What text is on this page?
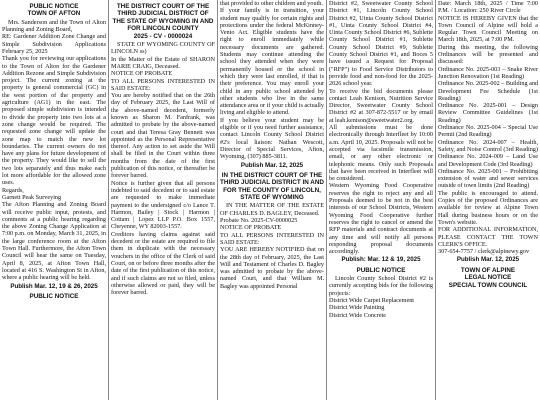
PUBLIC NOTICE
TOWN OF AFTON
Mrs. Sanderson and the Town of Alton Planning and Zoning Board,
RE: Gardener Addition Zone Change and Simple Subdivision Applications February 25, 2025
Thank you for reviewing our applications to the Town of Alton for the Gardener Addition Rezone and Simple Subdivision project. The current zoning at the property is general commercial (GC) in the west portion of the property and agriculture (AG1) in the east. The proposed simple subdivision is intended to divide the property into two lots at a zone change would be required. The requested zone change will update the zone map to match the new lot boundaries. The current owners do not have any plans for future development of the property. They would like to sell the two lots separately and thus make each lot more affordable for the allowed zone uses.
Regards,
Garnett Peak Surveying
The Afton Planning and Zoning Board will receive public input, protests, and comments at a public hearing regarding the above Zoning Change Application at 7:00 p.m. on Monday, March 31, 2025, in the large conference room at the Afton Town Hall. Furthermore, the Afton Town Council will hear the same on Tuesday, April 8, 2025, at Afton Town Hall, located at 416 S. Washington St in Afton, where a public hearing will be held.
Publish Mar. 12, 19 & 26, 2025
PUBLIC NOTICE
THE DISTRICT COURT OF THE THIRD JUDICIAL DISTRICT OF THE STATE OF WYOMING IN AND FOR LINCOLN COUNTY
2025 - CV - 0000024
STATE OF WYOMING COUNTY OF LINCOLN ss)
In the Matter of the Estate of SHARON MARIE CRAIG, Deceased.
NOTICE OF PROBATE
TO ALL PERSONS INTERESTED IN SAID ESTATE:
You are hereby notified that on the 26th day of February 2025, the Last Will of the above-named decedent, formerly known as Sharon M. Fanfrank, was admitted to probate by the above-named court and that Teresa Gray Bennett was appointed as the Personal Representative thereof. Any action to set aside the Will shall be filed in the Court within three months from the date of the first publication of this notice, or thereafter be forever barred.
Notice is further given that all persons indebted to said decedent or to said estate are requested to make immediate payment to the undersigned c/o Lance T. Harmon, Bailey | Stock | Harmon | Cottam | Lopez LLP P.O. Box 1557, Cheyenne, WY 82003-1557.
Creditors having claims against said decedent or the estate are required to file them in duplicate with the necessary vouchers in the office of the Clerk of said Court, on or before three months after the date of the first publication of this notice, and if such claims are not so filed, unless otherwise allowed or paid, they will be forever barred.
that provided to other children and youth.
If your family is in transition, your student may qualify for certain rights and protections under the federal McKinney-Vento Act. Eligible students have the right to enroll immediately while necessary documents are gathered. Students may continue attending the school they attended when they were permanently housed or the school in which they were last enrolled, if that is their preference. You may enroll your child in any public school attended by other students who live in the same attendance area or if your child is actually living and eligible to attend.
If you believe your student may be eligible or if you need further assistance, contact Lincoln County School District #2's local liaison: Nathan Wescott, Director of Special Services, Afton, Wyoming, (307) 885-3811.
Publish Mar. 12, 2025
IN THE DISTRICT COURT OF THE THIRD JUDICIAL DISTRICT IN AND FOR THE COUNTY OF LINCOLN, STATE OF WYOMING
IN THE MATTER OF THE ESTATE OF CHARLES D. BAGLEY, Deceased.
Probate No. 2025-CV-0000025
NOTICE OF PROBATE
TO ALL PERSONS INTERESTED IN SAID ESTATE:
YOU ARE HEREBY NOTIFIED that on the 28th day of February, 2025, the Last Will and Testament of Charles D. Bagley was admitted to probate by the above-named Court, and that William M. Bagley was appointed Personal
District #2, Sweetwater County School District #1, Lincoln County School District #2, Uinta County School District #1, Uinta County School District #4, Uinta County School District #6, Sublette County School District #1, Sublette County School District #9, Sublette County School District #1, and Boces 5 have issued a Request for Proposal ("RFP") to Food Service Distributors to provide food and non-food for the 2025-2026 school year.
To receive the bid documents please contact Leah Kenison, Nutrition Service Director, Sweetwater County School District #2 at 307-872-5517 or by email at leah.kenison@sweetwater2.org.
All submissions must be done electronically through Interfleet by 10:00 a.m. April 10, 2025. Proposals will not be accepted via facsimile transmission, email, or any other electronic or telephonic means. Only such Proposals that have been received in Interfleet will be considered.
Western Wyoming Food Cooperative reserves the right to reject any and all Proposals deemed to be not in the best interests of our School Districts, Western Wyoming Food Cooperative further reserves the right to cancel or amend the RFP materials and contract documents at any time and will notify all persons responding proposal documents accordingly.
Publish: Mar. 12 & 19, 2025
PUBLIC NOTICE
Lincoln County School District #2 is currently accepting bids for the following projects:
District Wide Carpet Replacement
District Wide Painting
District Wide Concrete
Date: March 18th, 2025 / Time 7:00 P.M. / Location: 250 River Circle
NOTICE IS HEREBY GIVEN that the Town Council of Alpine will hold a Regular Town Council Meeting on March 18th, 2025, at 7:00 PM.
During this meeting, the following Ordinances will be presented and discussed:
Ordinance No. 2025-003 – Snake River Junction Renovation (1st Reading)
Ordinance No. 2025-002 – Building and Development Fee Schedule (1st Reading)
Ordinance No. 2025-001 – Design Review Committee Guidelines (1st Reading)
Ordinance No. 2025-004 – Special Use Permit (2nd Reading)
Ordinance No. 2024-007 – Health, Safety, and Noise Control (3rd Reading)
Ordinance No. 2024-009 – Land Use and Development Code (3rd Reading)
Ordinance No. 2025-001 – Prohibiting extension of water and sewer services outside of town limits (2nd Reading)
The public is encouraged to attend. Copies of the proposed Ordinances are available for review at Alpine Town Hall during business hours or on the Town's website.
FOR ADDITIONAL INFORMATION, PLEASE CONTACT THE TOWN CLERK'S OFFICE.
307-654-7757 / clerk@alpinewy.gov
Publish Mar. 12, 2025
TOWN OF ALPINE
LEGAL NOTICE
SPECIAL TOWN COUNCIL
